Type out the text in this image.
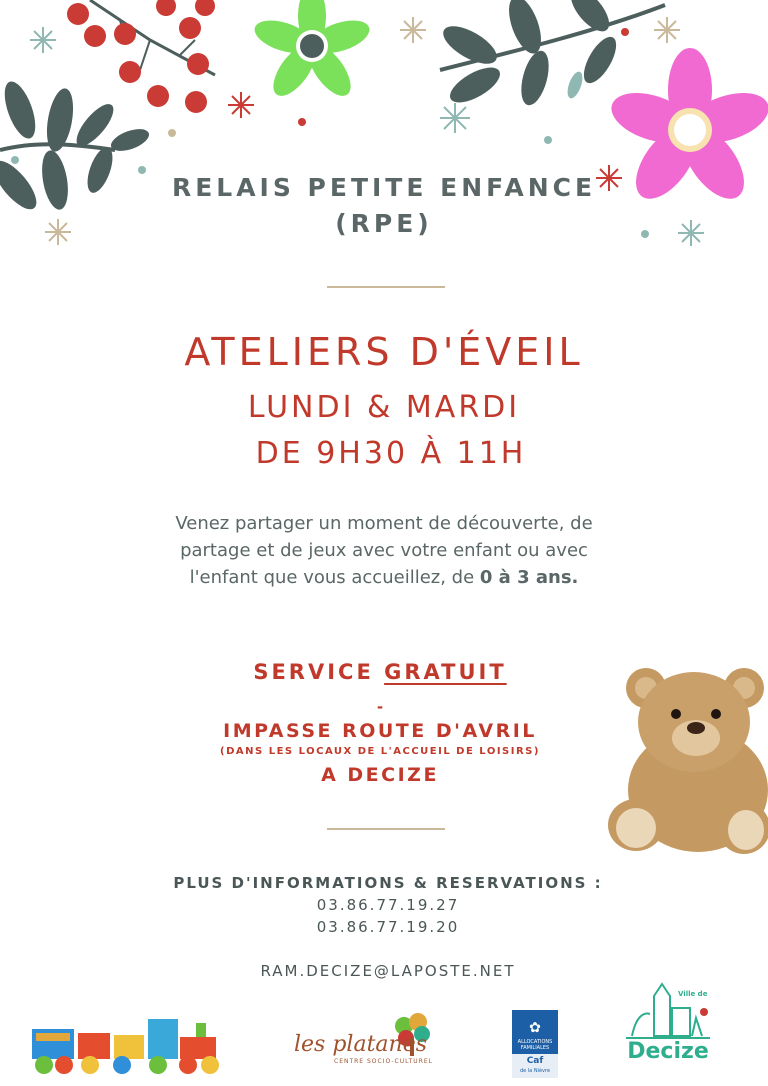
RELAIS PETITE ENFANCE
(RPE)
ATELIERS D'ÉVEIL
LUNDI & MARDI
DE 9H30 À 11H
Venez partager un moment de découverte, de
partage et de jeux avec votre enfant ou avec
l'enfant que vous accueillez, de 0 à 3 ans.
SERVICE GRATUIT
-
IMPASSE ROUTE D'AVRIL
(DANS LES LOCAUX DE L'ACCUEIL DE LOISIRS)
A DECIZE
PLUS D'INFORMATIONS & RESERVATIONS :
03.86.77.19.27
03.86.77.19.20
RAM.DECIZE@LAPOSTE.NET
les platanes
CENTRE SOCIO-CULTUREL
✿
ALLOCATIONS
FAMILIALES
Caf
de la Nièvre
Ville de
Decize
